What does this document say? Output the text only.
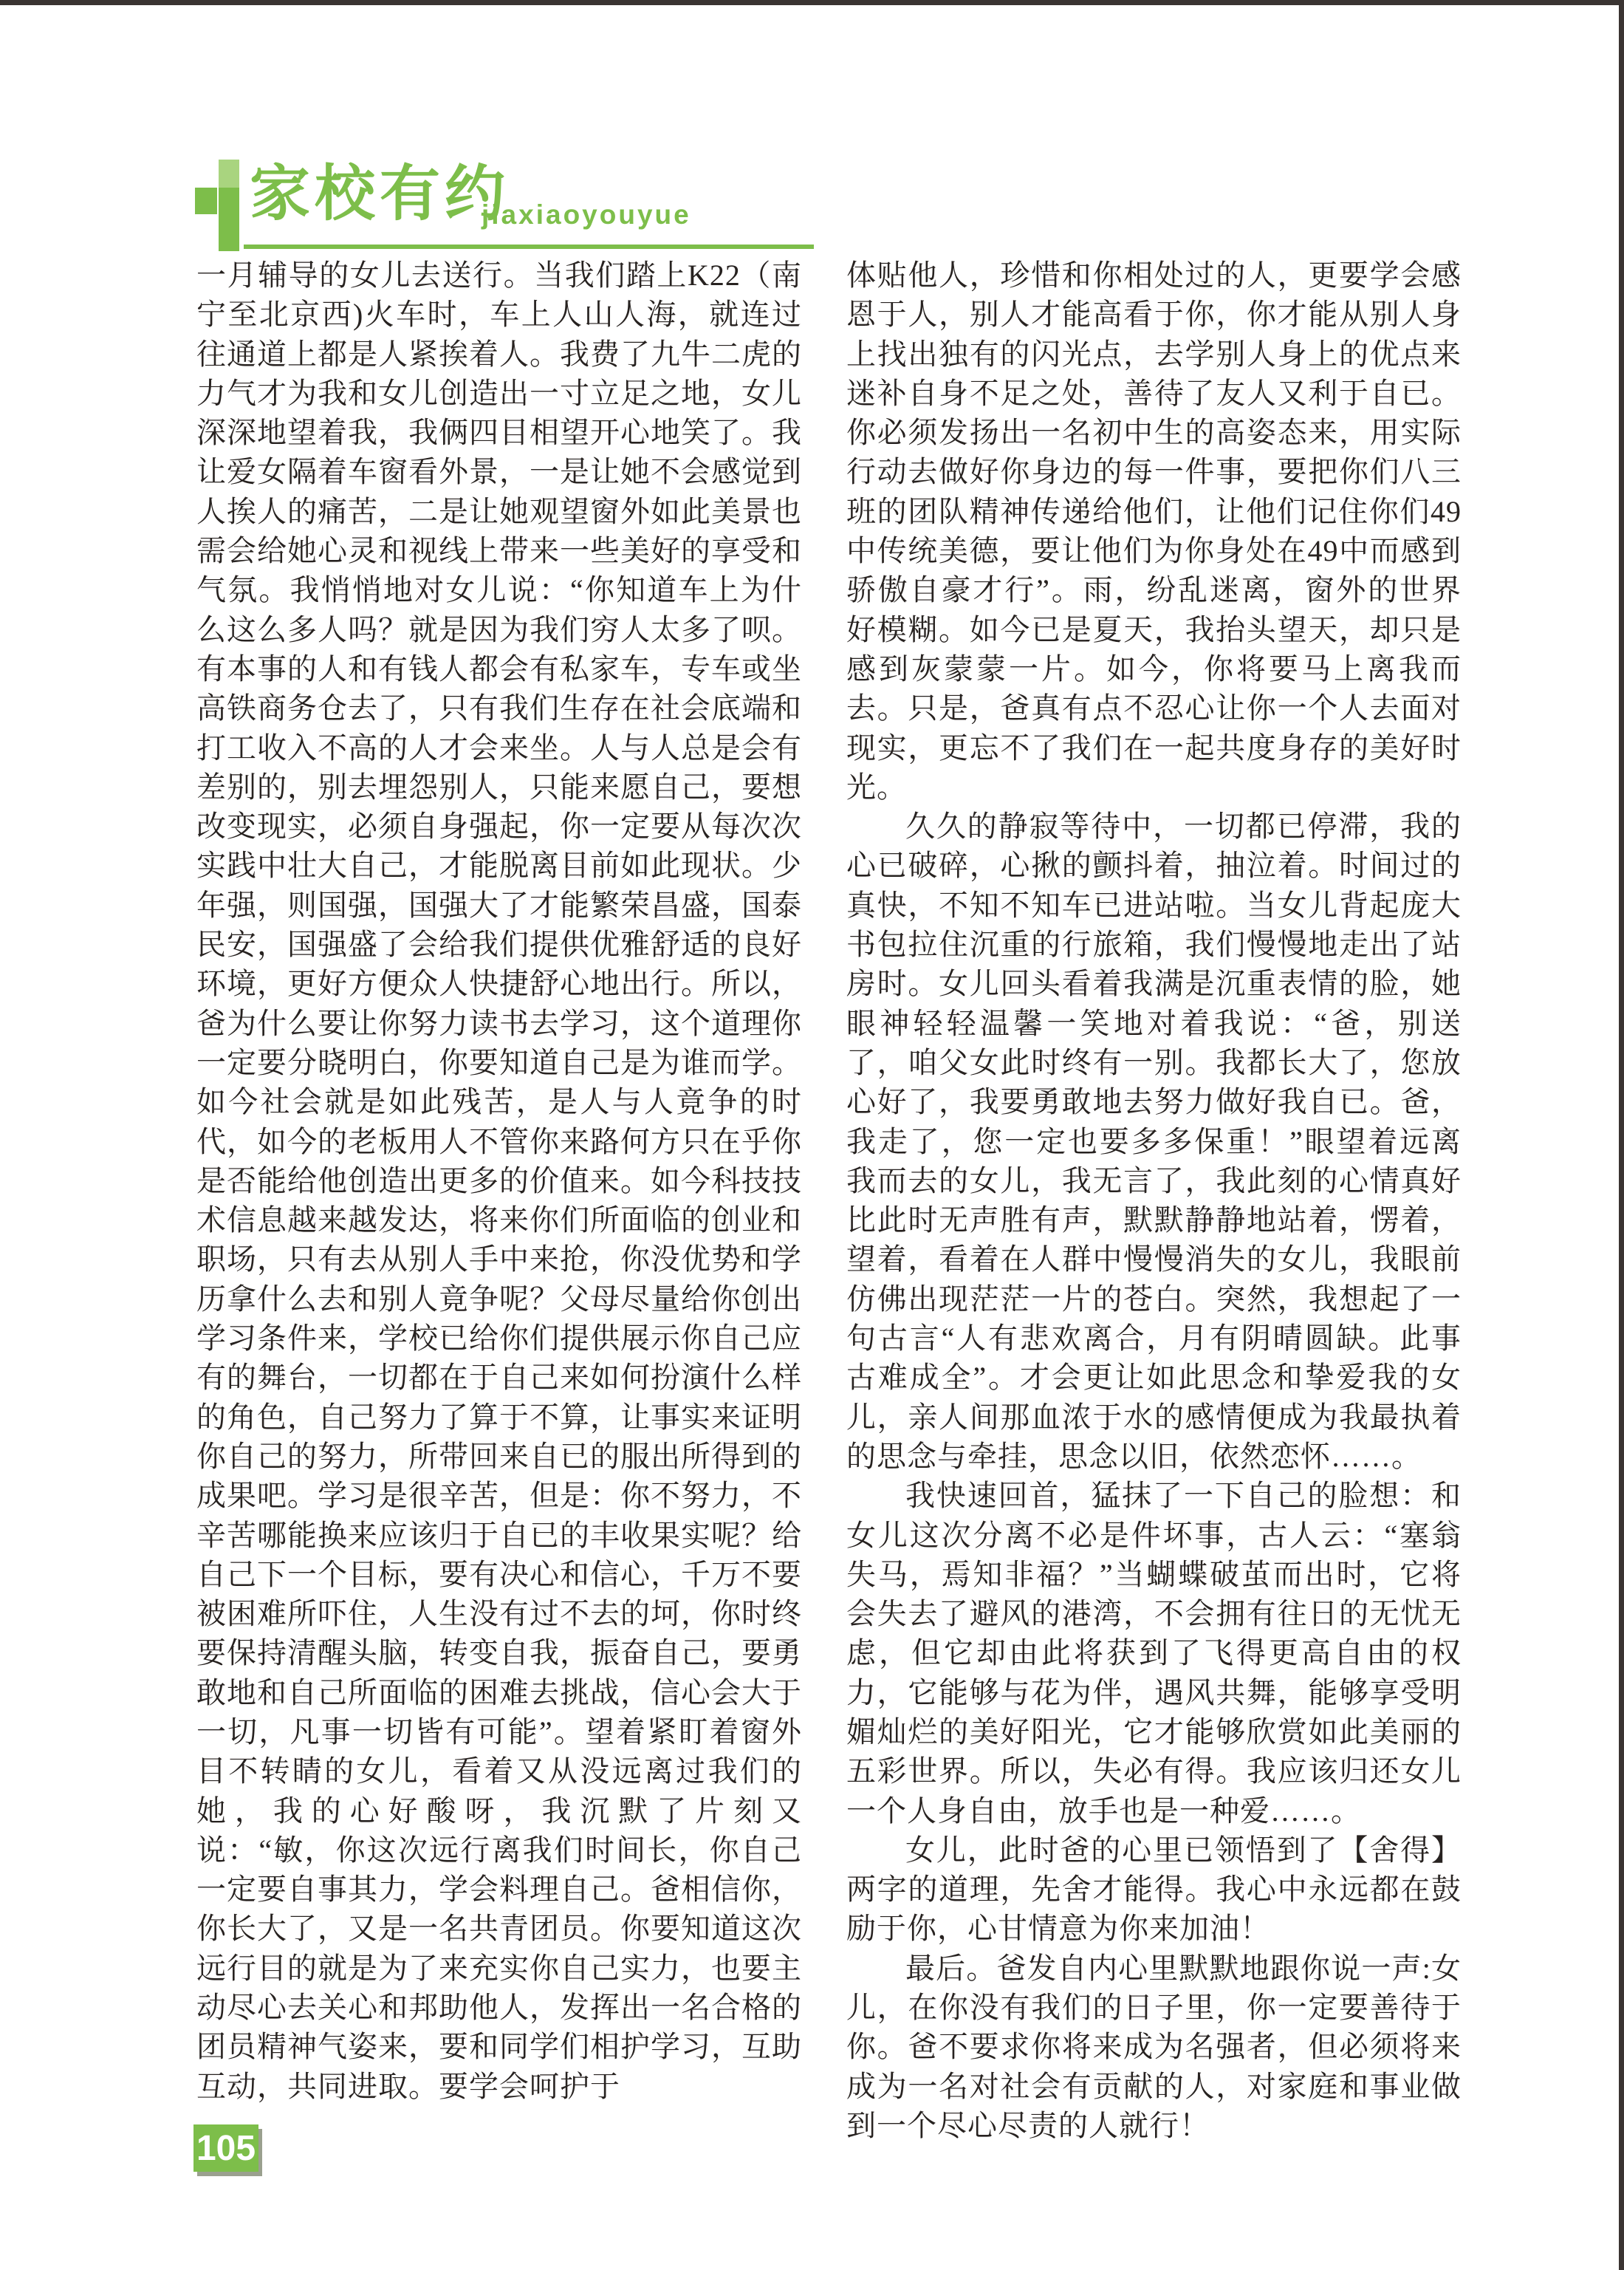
家校有约
jiaxiaoyouyue

一月辅导的女儿去送行。当我们踏上K22（南宁至北京西)火车时，车上人山人海，就连过往通道上都是人紧挨着人。我费了九牛二虎的力气才为我和女儿创造出一寸立足之地，女儿深深地望着我，我俩四目相望开心地笑了。我让爱女隔着车窗看外景，一是让她不会感觉到人挨人的痛苦，二是让她观望窗外如此美景也需会给她心灵和视线上带来一些美好的享受和气氛。我悄悄地对女儿说：“你知道车上为什么这么多人吗？就是因为我们穷人太多了呗。有本事的人和有钱人都会有私家车，专车或坐高铁商务仓去了，只有我们生存在社会底端和打工收入不高的人才会来坐。人与人总是会有差别的，别去埋怨别人，只能来愿自己，要想改变现实，必须自身强起，你一定要从每次次实践中壮大自己，才能脱离目前如此现状。少年强，则国强，国强大了才能繁荣昌盛，国泰民安，国强盛了会给我们提供优雅舒适的良好环境，更好方便众人快捷舒心地出行。所以，爸为什么要让你努力读书去学习，这个道理你一定要分晓明白，你要知道自己是为谁而学。如今社会就是如此残苦，是人与人竟争的时代，如今的老板用人不管你来路何方只在乎你是否能给他创造出更多的价值来。如今科技技术信息越来越发达，将来你们所面临的创业和职场，只有去从别人手中来抢，你没优势和学历拿什么去和别人竟争呢？父母尽量给你创出学习条件来，学校已给你们提供展示你自己应有的舞台，一切都在于自己来如何扮演什么样的角色，自己努力了算于不算，让事实来证明你自己的努力，所带回来自已的服出所得到的成果吧。学习是很辛苦，但是：你不努力，不辛苦哪能换来应该归于自已的丰收果实呢？给自己下一个目标，要有决心和信心，千万不要被困难所吓住，人生没有过不去的坷，你时终要保持清醒头脑，转变自我，振奋自己，要勇敢地和自己所面临的困难去挑战，信心会大于一切，凡事一切皆有可能”。望着紧盯着窗外目不转睛的女儿，看着又从没远离过我们的她，我的心好酸呀，我沉默了片刻又说：“敏，你这次远行离我们时间长，你自己一定要自事其力，学会料理自己。爸相信你，你长大了，又是一名共青团员。你要知道这次远行目的就是为了来充实你自己实力，也要主动尽心去关心和邦助他人，发挥出一名合格的团员精神气姿来，要和同学们相护学习，互助互动，共同进取。要学会呵护于

体贴他人，珍惜和你相处过的人，更要学会感恩于人，别人才能高看于你，你才能从别人身上找出独有的闪光点，去学别人身上的优点来迷补自身不足之处，善待了友人又利于自已。你必须发扬出一名初中生的高姿态来，用实际行动去做好你身边的每一件事，要把你们八三班的团队精神传递给他们，让他们记住你们49中传统美德，要让他们为你身处在49中而感到骄傲自豪才行”。雨，纷乱迷离，窗外的世界好模糊。如今已是夏天，我抬头望天，却只是感到灰蒙蒙一片。如今，你将要马上离我而去。只是，爸真有点不忍心让你一个人去面对现实，更忘不了我们在一起共度身存的美好时光。

久久的静寂等待中，一切都已停滞，我的心已破碎，心揪的颤抖着，抽泣着。时间过的真快，不知不知车已进站啦。当女儿背起庞大书包拉住沉重的行旅箱，我们慢慢地走出了站房时。女儿回头看着我满是沉重表情的脸，她眼神轻轻温馨一笑地对着我说：“爸，别送了，咱父女此时终有一别。我都长大了，您放心好了，我要勇敢地去努力做好我自已。爸，我走了，您一定也要多多保重！”眼望着远离我而去的女儿，我无言了，我此刻的心情真好比此时无声胜有声，默默静静地站着，愣着，望着，看着在人群中慢慢消失的女儿，我眼前仿佛出现茫茫一片的苍白。突然，我想起了一句古言“人有悲欢离合，月有阴晴圆缺。此事古难成全”。才会更让如此思念和挚爱我的女儿，亲人间那血浓于水的感情便成为我最执着的思念与牵挂，思念以旧，依然恋怀……。

我快速回首，猛抹了一下自己的脸想：和女儿这次分离不必是件坏事，古人云：“塞翁失马，焉知非福？”当蝴蝶破茧而出时，它将会失去了避风的港湾，不会拥有往日的无忧无虑，但它却由此将获到了飞得更高自由的权力，它能够与花为伴，遇风共舞，能够享受明媚灿烂的美好阳光，它才能够欣赏如此美丽的五彩世界。所以，失必有得。我应该归还女儿一个人身自由，放手也是一种爱……。

女儿，此时爸的心里已领悟到了【舍得】两字的道理，先舍才能得。我心中永远都在鼓励于你，心甘情意为你来加油！

最后。爸发自内心里默默地跟你说一声:女儿，在你没有我们的日子里，你一定要善待于你。爸不要求你将来成为名强者，但必须将来成为一名对社会有贡献的人，对家庭和事业做到一个尽心尽责的人就行！

105
